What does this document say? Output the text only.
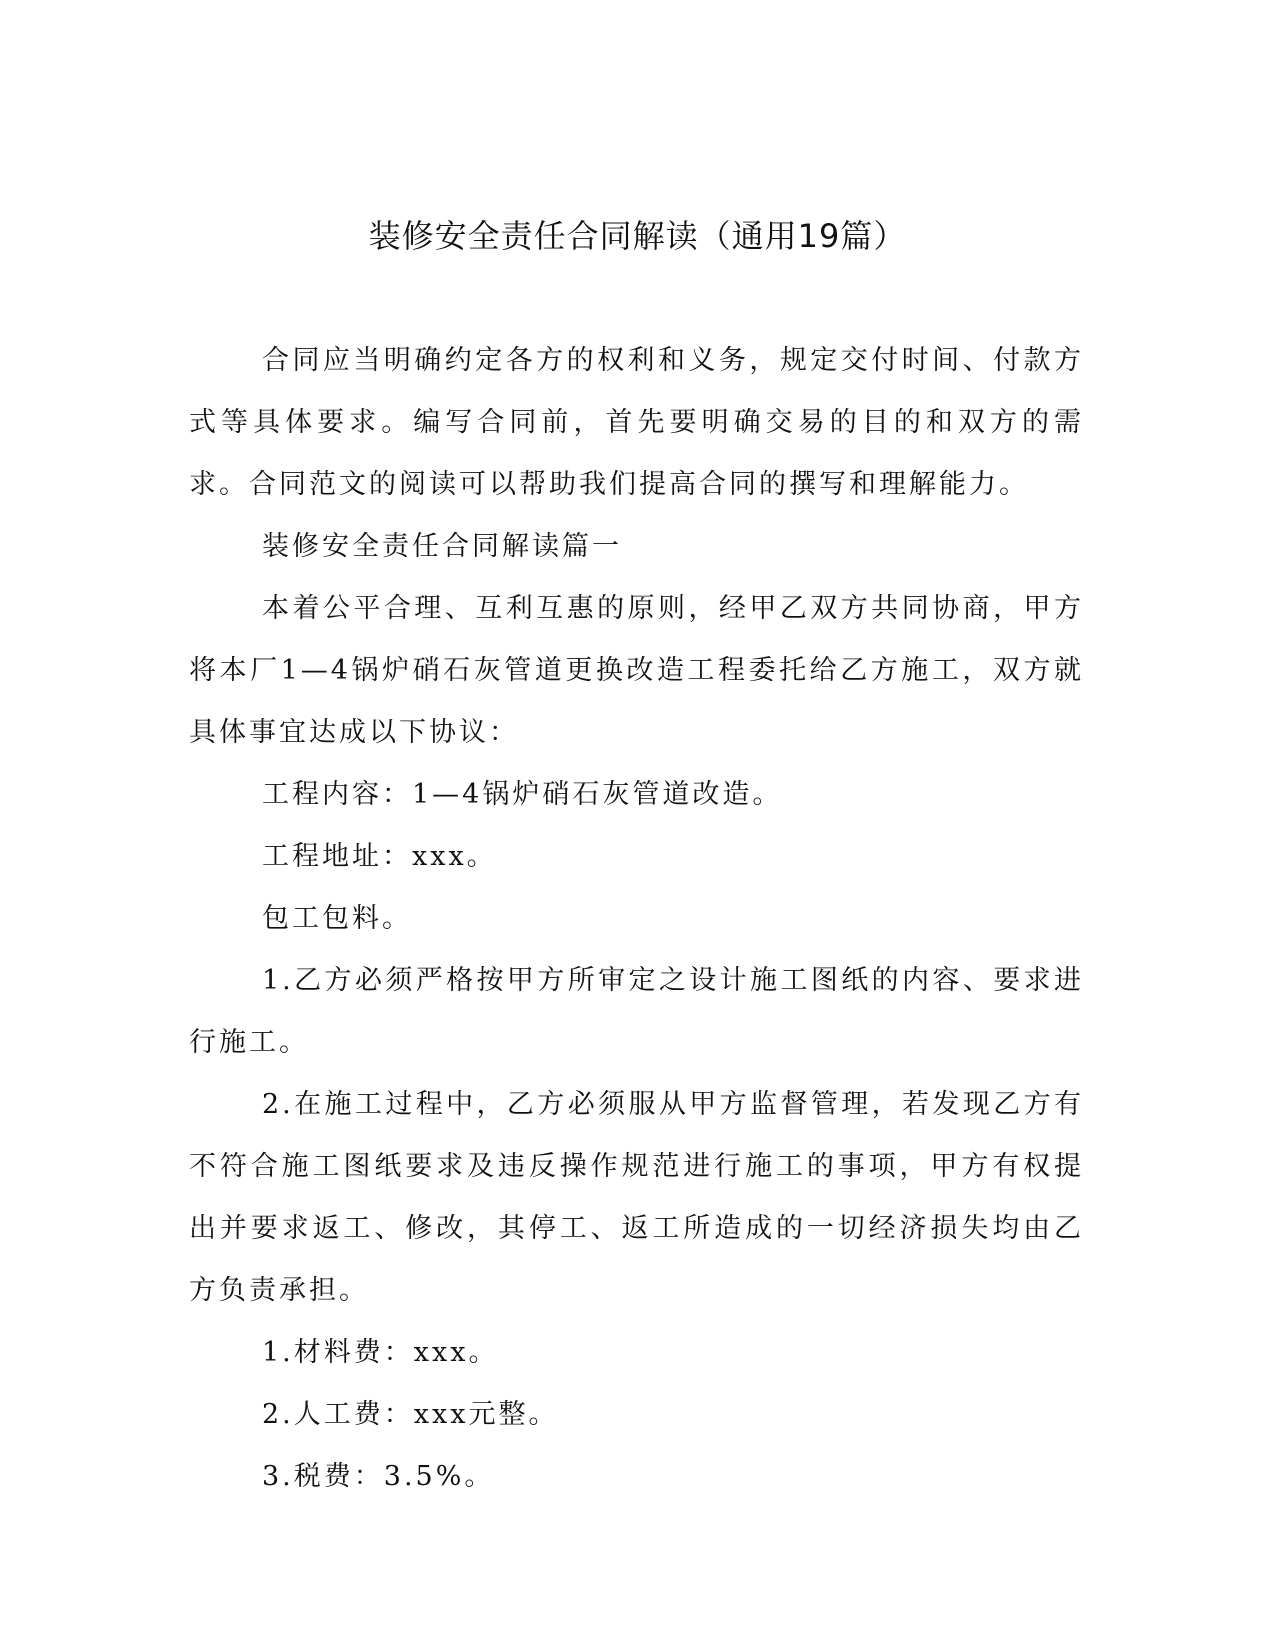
装修安全责任合同解读（通用19篇）

合同应当明确约定各方的权利和义务，规定交付时间、付款方式等具体要求。编写合同前，首先要明确交易的目的和双方的需求。合同范文的阅读可以帮助我们提高合同的撰写和理解能力。

装修安全责任合同解读篇一

本着公平合理、互利互惠的原则，经甲乙双方共同协商，甲方将本厂1—4锅炉硝石灰管道更换改造工程委托给乙方施工，双方就具体事宜达成以下协议：

工程内容：1—4锅炉硝石灰管道改造。

工程地址：xxx。

包工包料。

1.乙方必须严格按甲方所审定之设计施工图纸的内容、要求进行施工。

2.在施工过程中，乙方必须服从甲方监督管理，若发现乙方有不符合施工图纸要求及违反操作规范进行施工的事项，甲方有权提出并要求返工、修改，其停工、返工所造成的一切经济损失均由乙方负责承担。

1.材料费：xxx。

2.人工费：xxx元整。

3.税费：3.5%。
